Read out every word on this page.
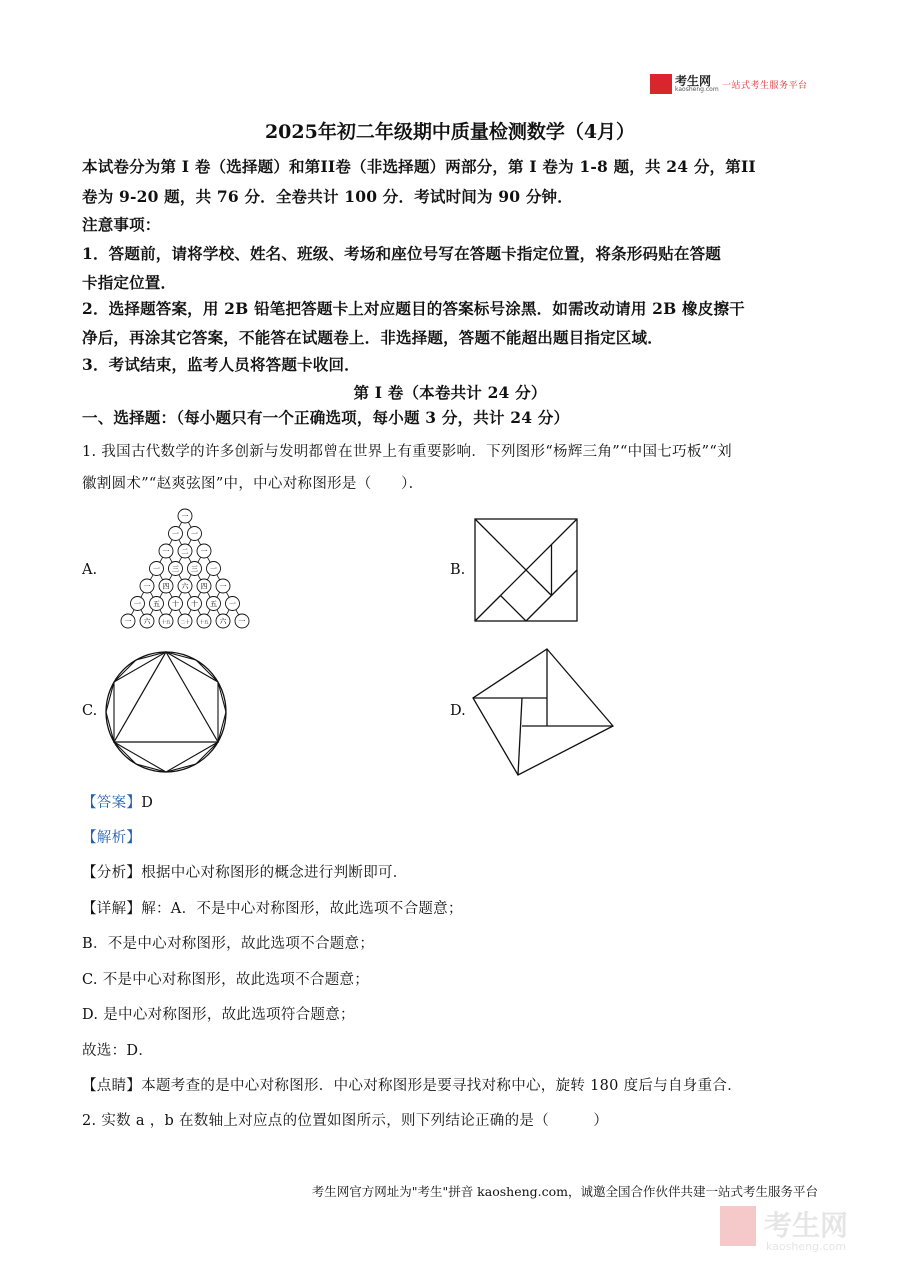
考生网
kaosheng.com 一站式考生服务平台
2025年初二年级期中质量检测数学（4月）
本试卷分为第 I 卷（选择题）和第II卷（非选择题）两部分，第 I 卷为 1-8 题，共 24 分，第II
卷为 9-20 题，共 76 分．全卷共计 100 分．考试时间为 90 分钟．
注意事项：
1．答题前，请将学校、姓名、班级、考场和座位号写在答题卡指定位置，将条形码贴在答题
卡指定位置．
2．选择题答案，用 2B 铅笔把答题卡上对应题目的答案标号涂黑．如需改动请用 2B 橡皮擦干
净后，再涂其它答案，不能答在试题卷上．非选择题，答题不能超出题目指定区域．
3．考试结束，监考人员将答题卡收回．
第 I 卷（本卷共计 24 分）
一、选择题：（每小题只有一个正确选项，每小题 3 分，共计 24 分）
1. 我国古代数学的许多创新与发明都曾在世界上有重要影响．下列图形“杨辉三角”“中国七巧板”“刘
徽割圆术”“赵爽弦图”中，中心对称图形是（　　）．
A.	B.
C.	D.
一
一 一
一 二 一
一 三 三 一
一 四 六 四 一
一 五 十 十 五 一
一 六 十五 二十 十五 六 一
【答案】D
【解析】
【分析】根据中心对称图形的概念进行判断即可．
【详解】解：A．不是中心对称图形，故此选项不合题意；
B．不是中心对称图形，故此选项不合题意；
C. 不是中心对称图形，故此选项不合题意；
D. 是中心对称图形，故此选项符合题意；
故选：D．
【点睛】本题考查的是中心对称图形．中心对称图形是要寻找对称中心，旋转 180 度后与自身重合．
2. 实数 a ，b 在数轴上对应点的位置如图所示，则下列结论正确的是（　　　）
考生网官方网址为"考生"拼音 kaosheng.com，诚邀全国合作伙伴共建一站式考生服务平台
考生网
kaosheng.com
